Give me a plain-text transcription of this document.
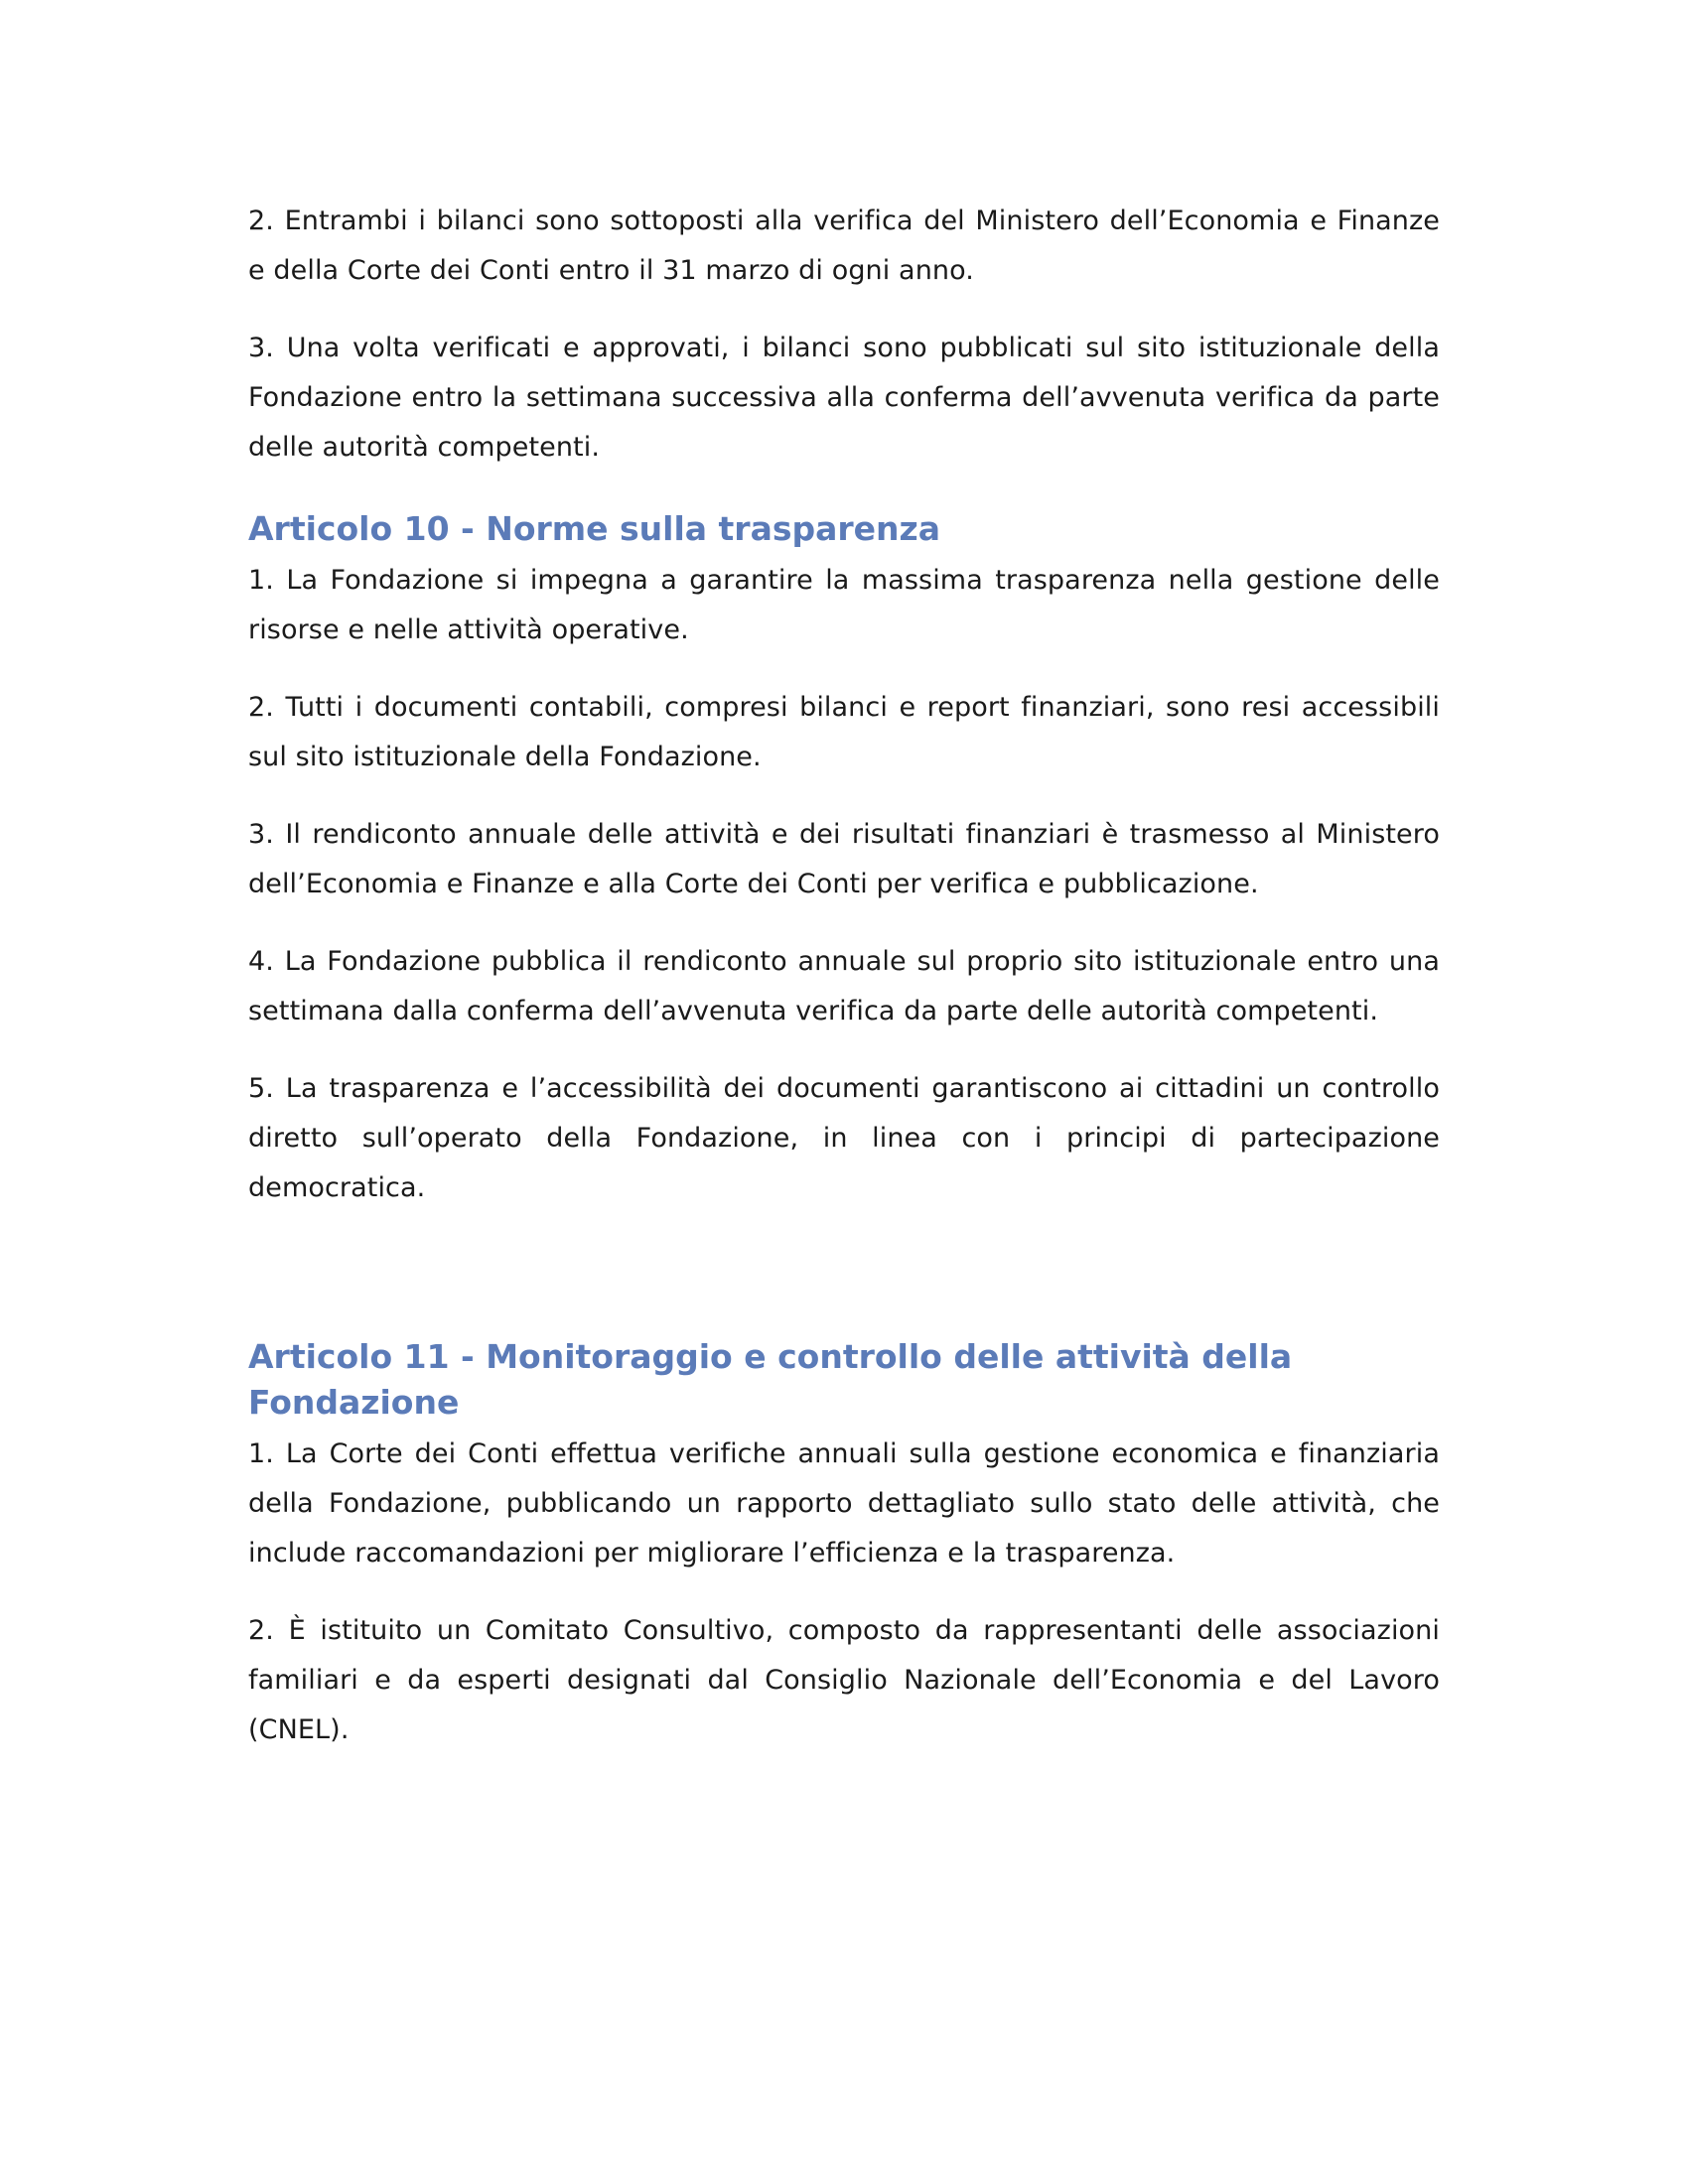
2. Entrambi i bilanci sono sottoposti alla verifica del Ministero dell’Economia e Finanze e della Corte dei Conti entro il 31 marzo di ogni anno.

3. Una volta verificati e approvati, i bilanci sono pubblicati sul sito istituzionale della Fondazione entro la settimana successiva alla conferma dell’avvenuta verifica da parte delle autorità competenti.

Articolo 10 - Norme sulla trasparenza

1. La Fondazione si impegna a garantire la massima trasparenza nella gestione delle risorse e nelle attività operative.

2. Tutti i documenti contabili, compresi bilanci e report finanziari, sono resi accessibili sul sito istituzionale della Fondazione.

3. Il rendiconto annuale delle attività e dei risultati finanziari è trasmesso al Ministero dell’Economia e Finanze e alla Corte dei Conti per verifica e pubblicazione.

4. La Fondazione pubblica il rendiconto annuale sul proprio sito istituzionale entro una settimana dalla conferma dell’avvenuta verifica da parte delle autorità competenti.

5. La trasparenza e l’accessibilità dei documenti garantiscono ai cittadini un controllo diretto sull’operato della Fondazione, in linea con i principi di partecipazione democratica.

Articolo 11 - Monitoraggio e controllo delle attività della Fondazione

1. La Corte dei Conti effettua verifiche annuali sulla gestione economica e finanziaria della Fondazione, pubblicando un rapporto dettagliato sullo stato delle attività, che include raccomandazioni per migliorare l’efficienza e la trasparenza.

2. È istituito un Comitato Consultivo, composto da rappresentanti delle associazioni familiari e da esperti designati dal Consiglio Nazionale dell’Economia e del Lavoro (CNEL).
